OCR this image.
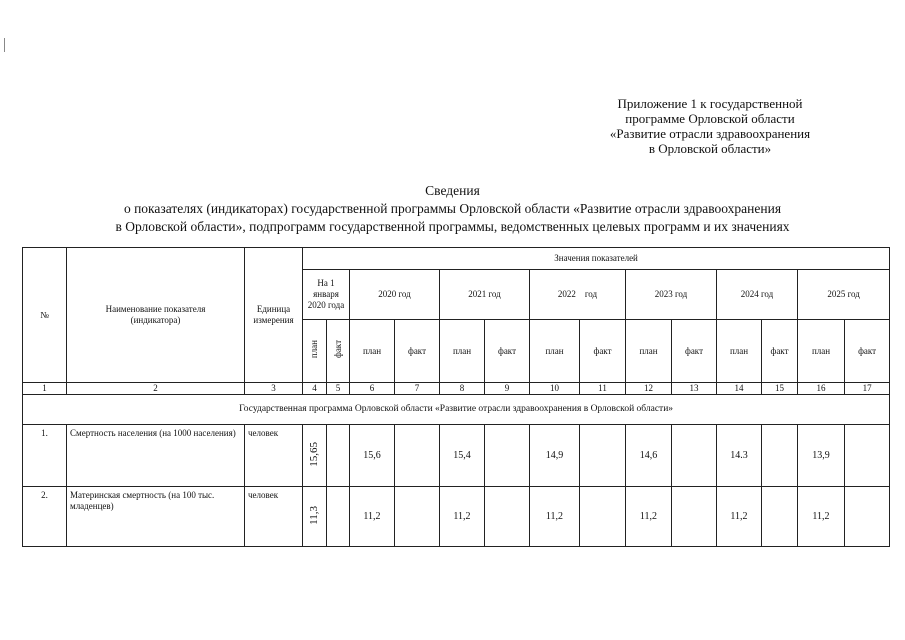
Приложение 1 к государственной
программе Орловской области
«Развитие отрасли здравоохранения
в Орловской области»
Сведения
о показателях (индикаторах) государственной программы Орловской области «Развитие отрасли здравоохранения
в Орловской области», подпрограмм государственной программы, ведомственных целевых программ и их значениях
№	Наименование показателя (индикатора)	Единица измерения	Значения показателей													
			На 1 января 2020 года		2020 год		2021 год		2022    год		2023 год		2024 год		2025 год	
			план	факт	план	факт	план	факт	план	факт	план	факт	план	факт	план	факт
1	2	3	4	5	6	7	8	9	10	11	12	13	14	15	16	17
Государственная программа Орловской области «Развитие отрасли здравоохранения в Орловской области»																
1.	Смертность населения (на 1000 населения)	человек	15,65		15,6		15,4		14,9		14,6		14.3		13,9	
2.	Материнская смертность (на 100 тыс. младенцев)	человек	11,3		11,2		11,2		11,2		11,2		11,2		11,2	
